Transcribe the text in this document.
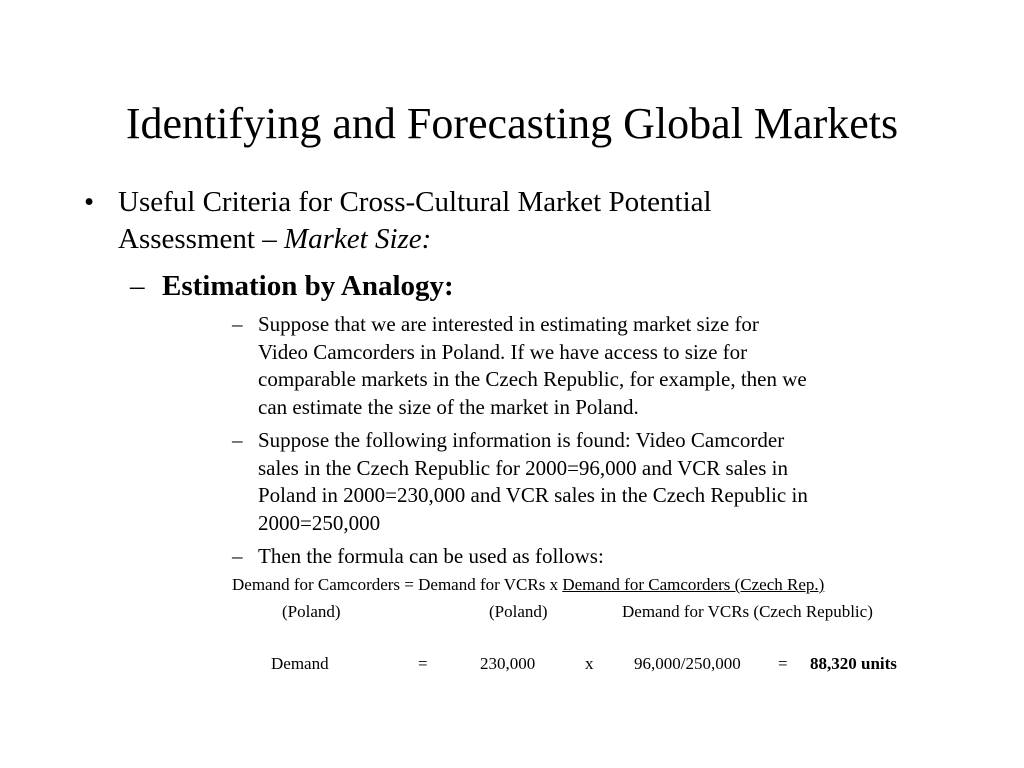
Identifying and Forecasting Global Markets
• Useful Criteria for Cross-Cultural Market Potential
Assessment – Market Size:
– Estimation by Analogy:
– Suppose that we are interested in estimating market size for
Video Camcorders in Poland. If we have access to size for
comparable markets in the Czech Republic, for example, then we
can estimate the size of the market in Poland.
– Suppose the following information is found: Video Camcorder
sales in the Czech Republic for 2000=96,000 and VCR sales in
Poland in 2000=230,000 and VCR sales in the Czech Republic in
2000=250,000
– Then the formula can be used as follows:
Demand for Camcorders = Demand for VCRs x Demand for Camcorders (Czech Rep.)
(Poland)	(Poland)	Demand for VCRs (Czech Republic)
Demand	=	230,000	x 96,000/250,000 = 88,320 units
